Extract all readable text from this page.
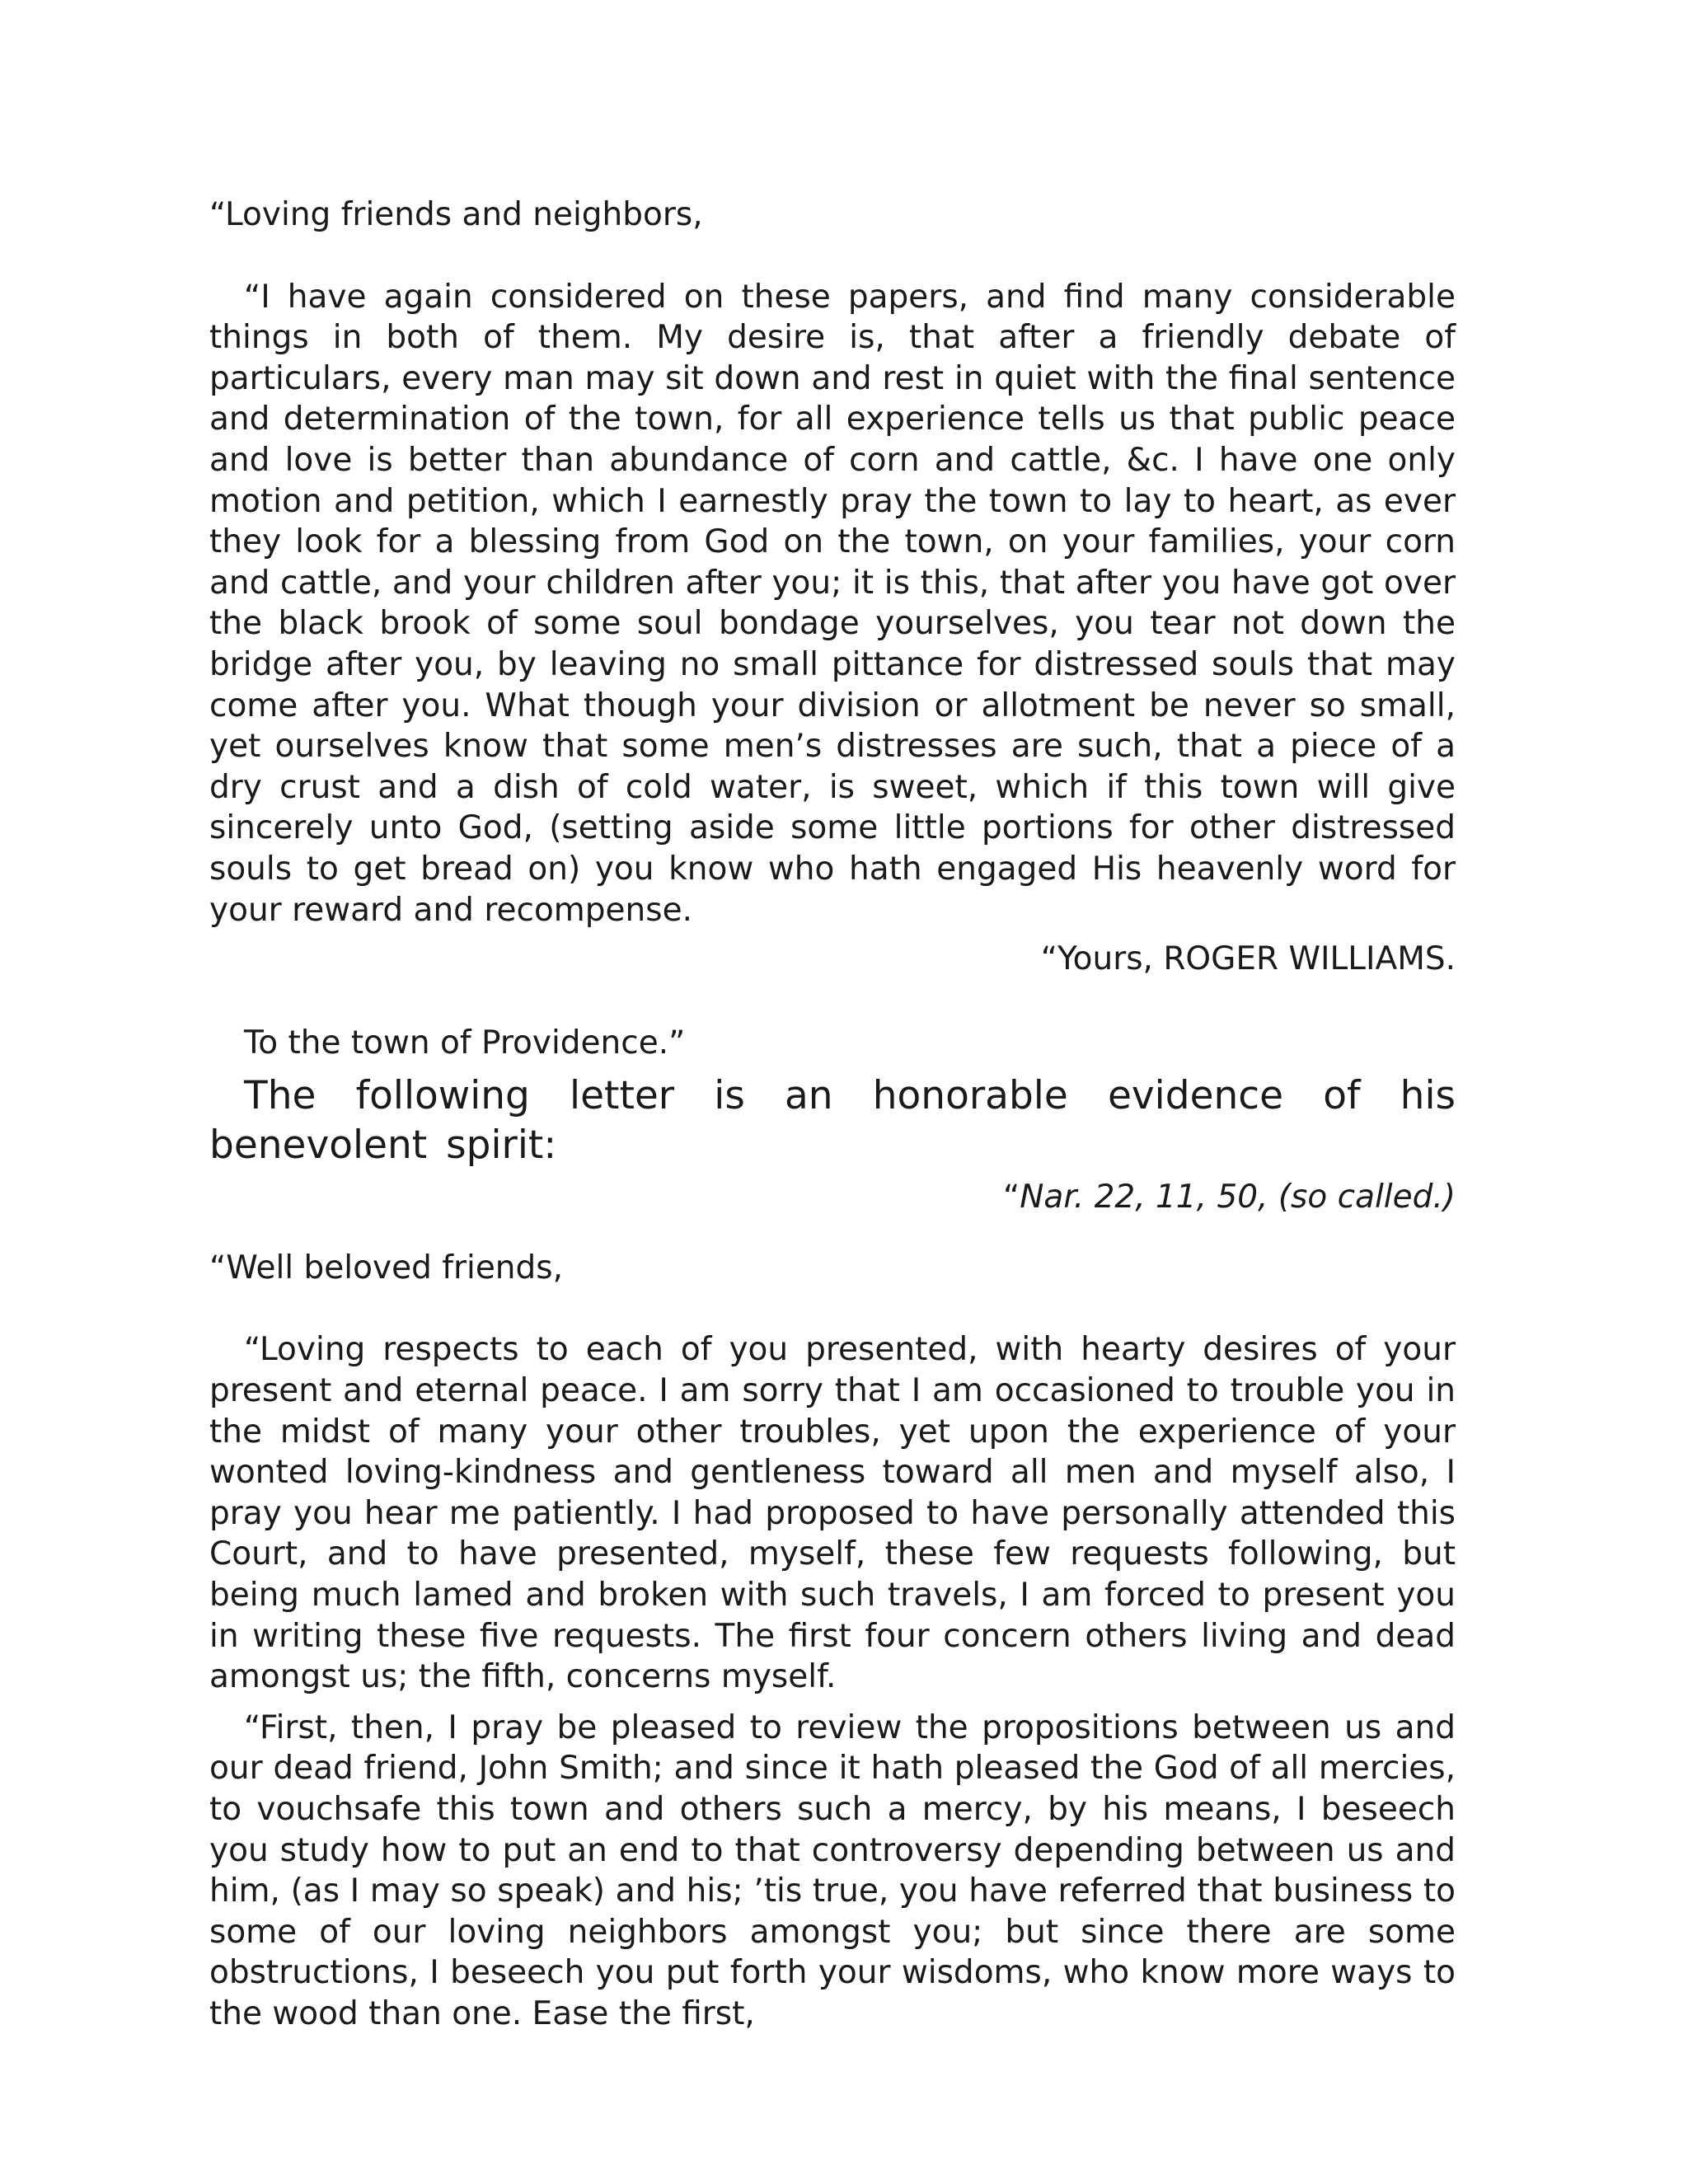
“Loving friends and neighbors,

“I have again considered on these papers, and find many considerable things in both of them. My desire is, that after a friendly debate of particulars, every man may sit down and rest in quiet with the final sentence and determination of the town, for all experience tells us that public peace and love is better than abundance of corn and cattle, &c. I have one only motion and petition, which I earnestly pray the town to lay to heart, as ever they look for a blessing from God on the town, on your families, your corn and cattle, and your children after you; it is this, that after you have got over the black brook of some soul bondage yourselves, you tear not down the bridge after you, by leaving no small pittance for distressed souls that may come after you. What though your division or allotment be never so small, yet ourselves know that some men’s distresses are such, that a piece of a dry crust and a dish of cold water, is sweet, which if this town will give sincerely unto God, (setting aside some little portions for other distressed souls to get bread on) you know who hath engaged His heavenly word for your reward and recompense.

“Yours, ROGER WILLIAMS.

To the town of Providence.”

The following letter is an honorable evidence of his benevolent spirit:

“Nar. 22, 11, 50, (so called.)

“Well beloved friends,

“Loving respects to each of you presented, with hearty desires of your present and eternal peace. I am sorry that I am occasioned to trouble you in the midst of many your other troubles, yet upon the experience of your wonted loving-kindness and gentleness toward all men and myself also, I pray you hear me patiently. I had proposed to have personally attended this Court, and to have presented, myself, these few requests following, but being much lamed and broken with such travels, I am forced to present you in writing these five requests. The first four concern others living and dead amongst us; the fifth, concerns myself.

“First, then, I pray be pleased to review the propositions between us and our dead friend, John Smith; and since it hath pleased the God of all mercies, to vouchsafe this town and others such a mercy, by his means, I beseech you study how to put an end to that controversy depending between us and him, (as I may so speak) and his; ’tis true, you have referred that business to some of our loving neighbors amongst you; but since there are some obstructions, I beseech you put forth your wisdoms, who know more ways to the wood than one. Ease the first,
